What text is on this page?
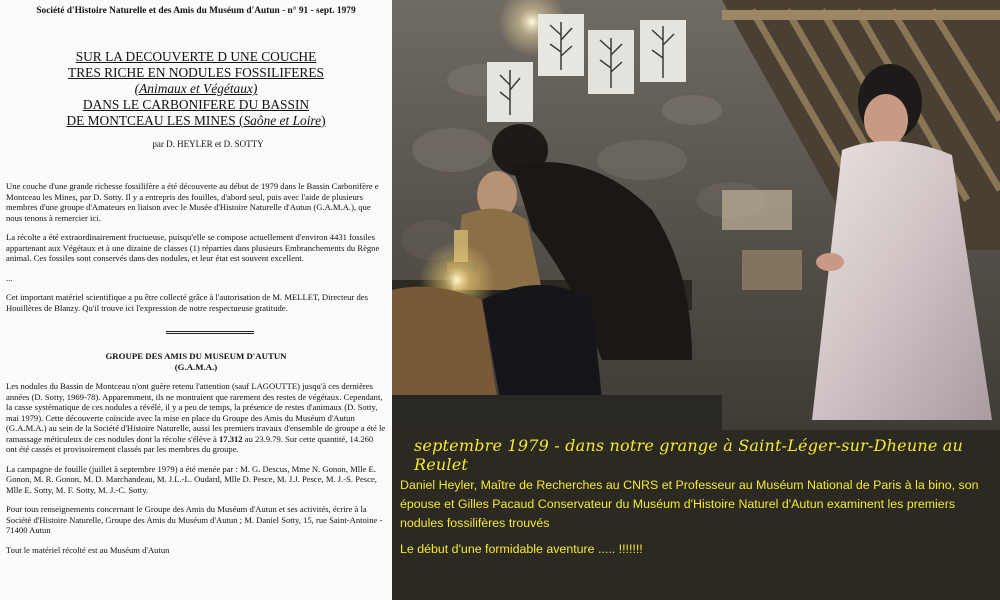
Société d'Histoire Naturelle et des Amis du Muséum d'Autun - n° 91 - sept. 1979
SUR LA DECOUVERTE D UNE COUCHE
TRES RICHE EN NODULES FOSSILIFERES
(Animaux et Végétaux)
DANS LE CARBONIFERE DU BASSIN
DE MONTCEAU LES MINES (Saône et Loire)
par D. HEYLER et D. SOTTY

Une couche d'une grande richesse fossilifère a été découverte au début de 1979 dans le Bassin Carbonifère e Montceau les Mines, par D. Sotty. Il y a entrepris des fouilles, d'abord seul, puis avec l'aide de plusieurs membres d'une groupe d'Amateurs en liaison avec le Musée d'Histoire Naturelle d'Autun (G.A.M.A.), que nous tenons à remercier ici.

La récolte a été extraordinairement fructueuse, puisqu'elle se compose actuellement d'environ 4431 fossiles appartenant aux Végétaux et à une dizaine de classes (1) réparties dans plusieurs Embranchements du Règne animal. Ces fossiles sont conservés dans des nodules, et leur état est souvent excellent.

...

Cet important matériel scientifique a pu être collecté grâce à l'autorisation de M. MELLET, Directeur des Houillères de Blanzy. Qu'il trouve ici l'expression de notre respectueuse gratitude.

GROUPE DES AMIS DU MUSEUM D'AUTUN
(G.A.M.A.)

Les nodules du Bassin de Montceau n'ont guère retenu l'attention (sauf LAGOUTTE) jusqu'à ces dernières années (D. Sotty, 1969-78). Apparemment, ils ne montraient que rarement des restes de végétaux. Cependant, la casse systématique de ces nodules a révélé, il y a peu de temps, la présence de restes d'animaux (D. Sotty, mai 1979). Cette découverte coïncide avec la mise en place du Groupe des Amis du Muséum d'Autun (G.A.M.A.) au sein de la Société d'Histoire Naturelle, aussi les premiers travaux d'ensemble de groupe a été le ramassage méticuleux de ces nodules dont la récolte s'élève à 17.312 au 23.9.79. Sur cette quantité, 14.260 ont été cassés et provisoirement classés par les membres du groupe.

La campagne de fouille (juillet à septembre 1979) a été menée par : M. G. Descus, Mme N. Gonon, Mlle E. Gonon, M. R. Gonon, M. D. Marchandeau, M. J.L.-L. Oudard, Mlle D. Pesce, M. J.J. Pesce, M. J.-S. Pesce, Mlle E. Sotty, M. F. Sotty, M. J.-C. Sotty.

Pour tous renseignements concernant le Groupe des Amis du Muséum d'Autun et ses activités, écrire à la Société d'Histoire Naturelle, Groupe des Amis du Muséum d'Autun ; M. Daniel Sotty, 15, rue Saint-Antoine - 71400 Autun

Tout le matériel récolté est au Muséum d'Autun

septembre 1979 - dans notre grange à Saint-Léger-sur-Dheune au Reulet
Daniel Heyler, Maître de Recherches au CNRS et Professeur au Muséum National de Paris à la bino, son épouse et Gilles Pacaud Conservateur du Muséum d'Histoire Naturel d'Autun examinent les premiers nodules fossilifères trouvés
Le début d'une formidable aventure ..... !!!!!!!
